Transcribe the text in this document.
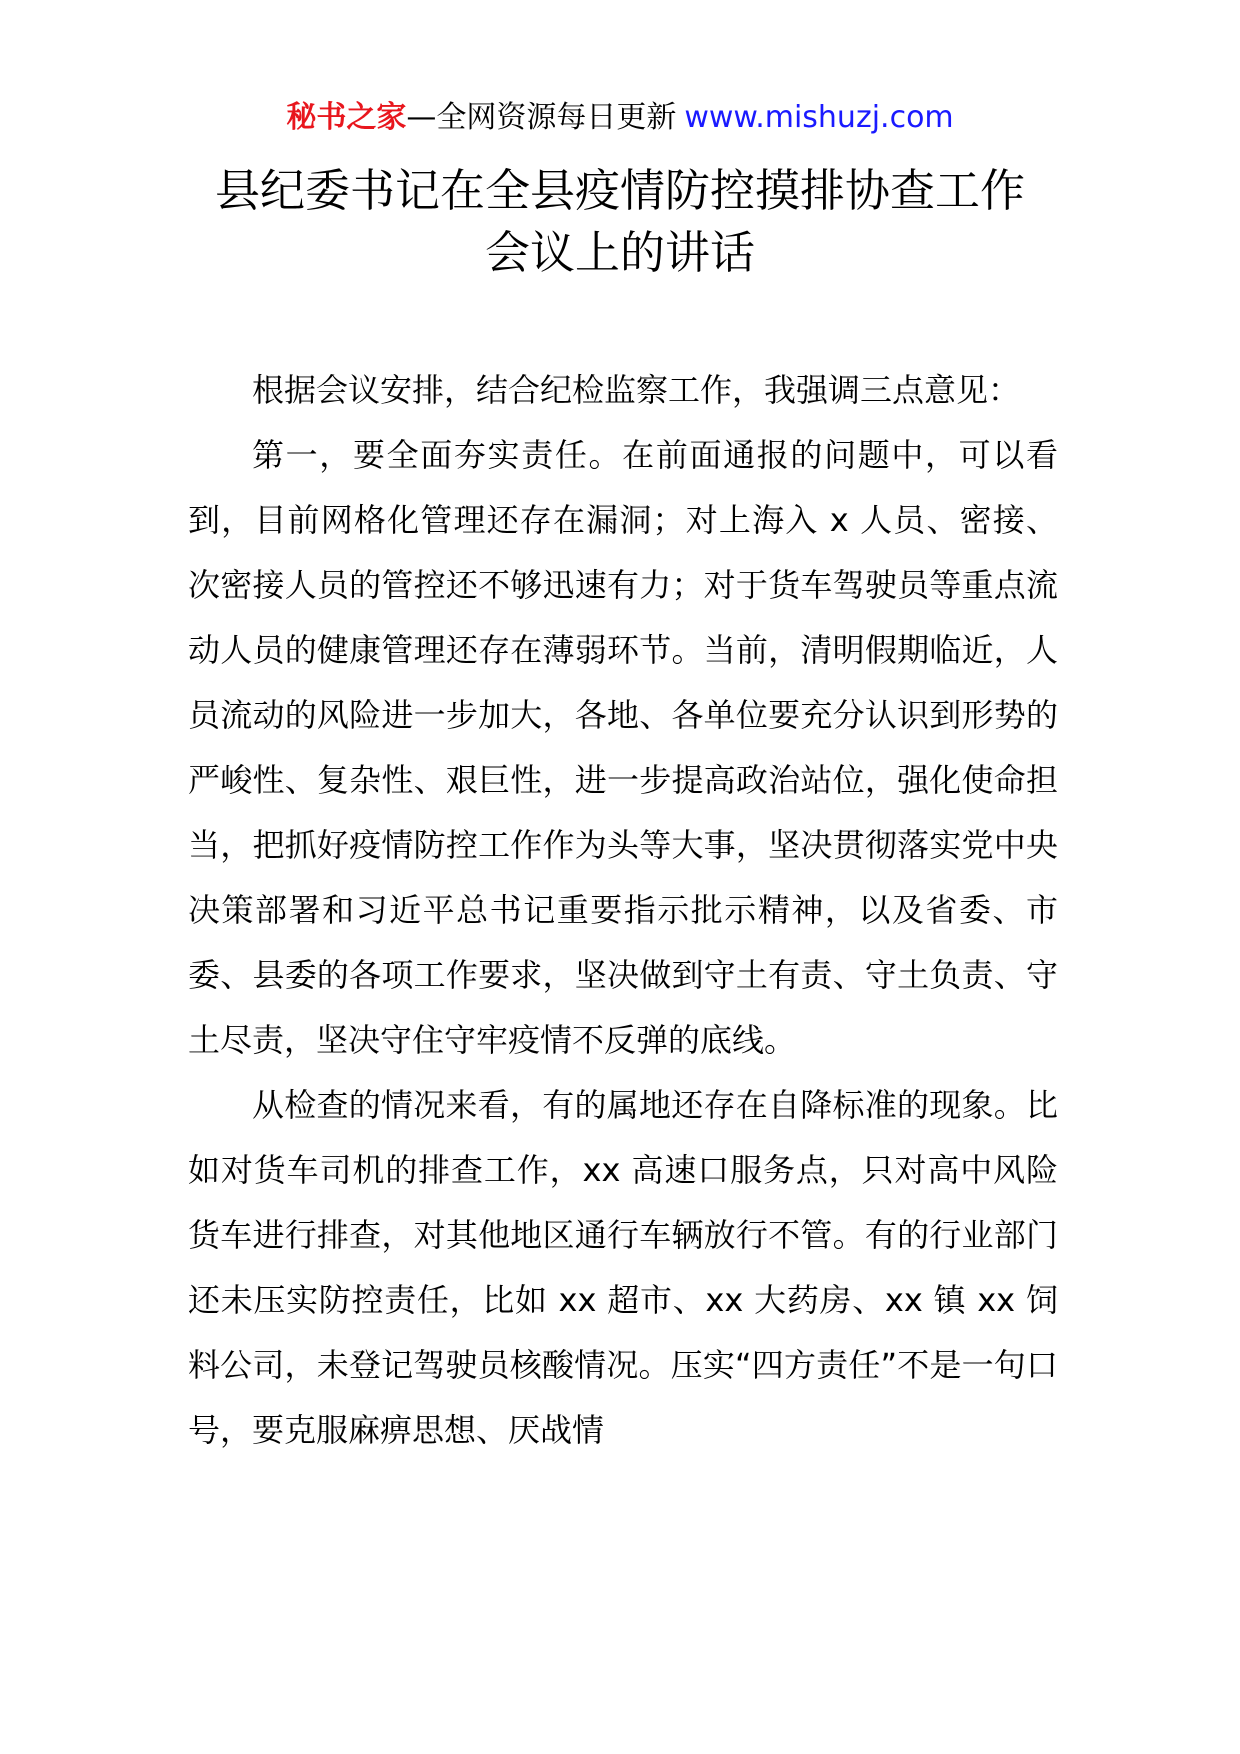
秘书之家—全网资源每日更新 www.mishuzj.com
县纪委书记在全县疫情防控摸排协查工作
会议上的讲话

根据会议安排，结合纪检监察工作，我强调三点意见：

第一，要全面夯实责任。在前面通报的问题中，可以看到，目前网格化管理还存在漏洞；对上海入 x 人员、密接、次密接人员的管控还不够迅速有力；对于货车驾驶员等重点流动人员的健康管理还存在薄弱环节。当前，清明假期临近，人员流动的风险进一步加大，各地、各单位要充分认识到形势的严峻性、复杂性、艰巨性，进一步提高政治站位，强化使命担当，把抓好疫情防控工作作为头等大事，坚决贯彻落实党中央决策部署和习近平总书记重要指示批示精神，以及省委、市委、县委的各项工作要求，坚决做到守土有责、守土负责、守土尽责，坚决守住守牢疫情不反弹的底线。

从检查的情况来看，有的属地还存在自降标准的现象。比如对货车司机的排查工作，xx 高速口服务点，只对高中风险货车进行排查，对其他地区通行车辆放行不管。有的行业部门还未压实防控责任，比如 xx 超市、xx 大药房、xx 镇 xx 饲料公司，未登记驾驶员核酸情况。压实“四方责任”不是一句口号，要克服麻痹思想、厌战情
